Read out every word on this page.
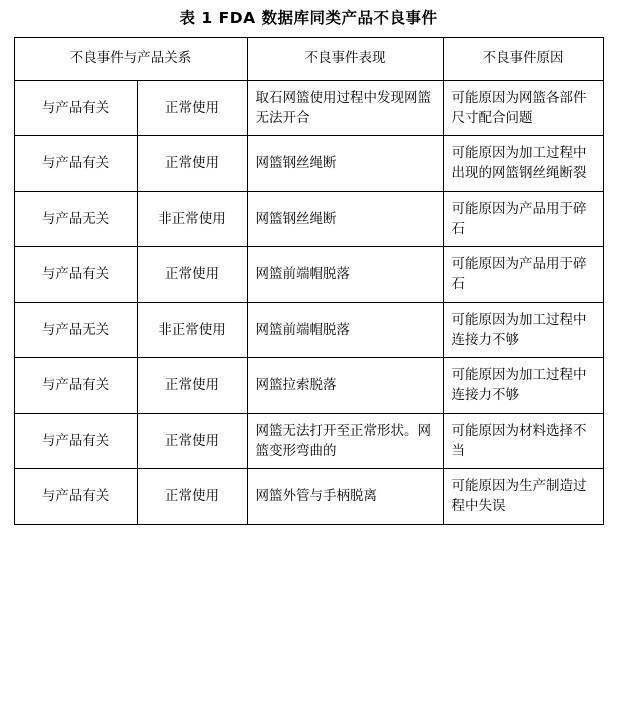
表 1 FDA 数据库同类产品不良事件
不良事件与产品关系		不良事件表现	不良事件原因
与产品有关	正常使用	取石网篮使用过程中发现网篮无法开合	可能原因为网篮各部件尺寸配合问题
与产品有关	正常使用	网篮钢丝绳断	可能原因为加工过程中出现的网篮钢丝绳断裂
与产品无关	非正常使用	网篮钢丝绳断	可能原因为产品用于碎石
与产品有关	正常使用	网篮前端帽脱落	可能原因为产品用于碎石
与产品无关	非正常使用	网篮前端帽脱落	可能原因为加工过程中连接力不够
与产品有关	正常使用	网篮拉索脱落	可能原因为加工过程中连接力不够
与产品有关	正常使用	网篮无法打开至正常形状。网篮变形弯曲的	可能原因为材料选择不当
与产品有关	正常使用	网篮外管与手柄脱离	可能原因为生产制造过程中失误
